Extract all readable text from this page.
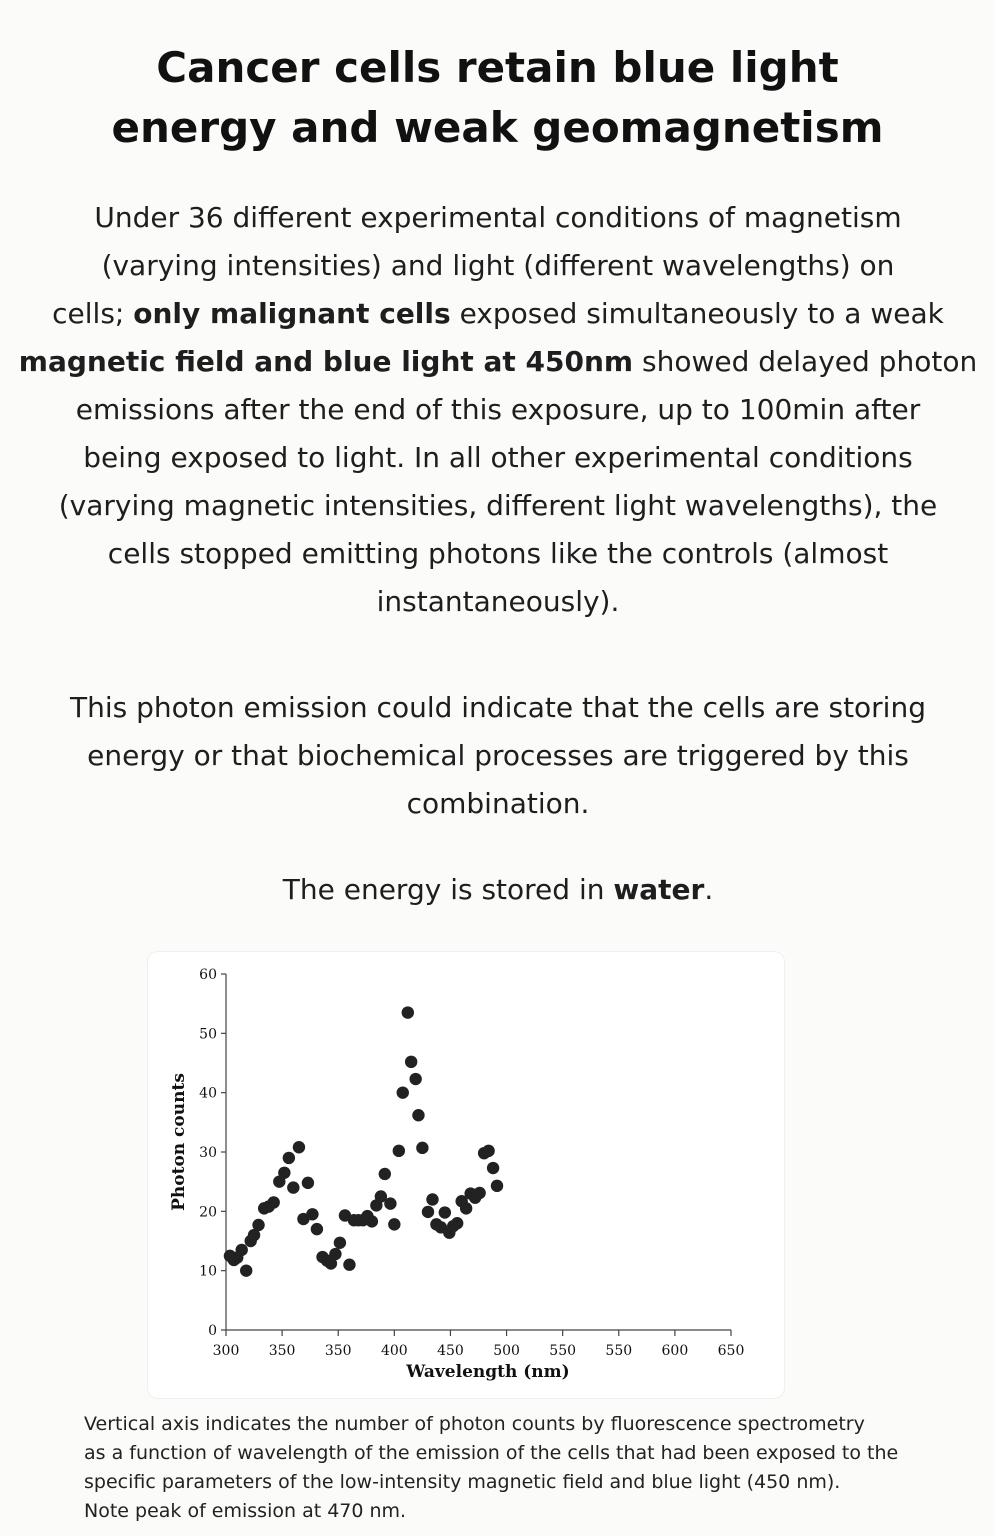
Cancer cells retain blue light
energy and weak geomagnetism

Under 36 different experimental conditions of magnetism
(varying intensities) and light (different wavelengths) on
cells; only malignant cells exposed simultaneously to a weak
magnetic field and blue light at 450nm showed delayed photon
emissions after the end of this exposure, up to 100min after
being exposed to light. In all other experimental conditions
(varying magnetic intensities, different light wavelengths), the
cells stopped emitting photons like the controls (almost
instantaneously).

This photon emission could indicate that the cells are storing
energy or that biochemical processes are triggered by this
combination.

The energy is stored in water.

0
10
20
30
40
50
60
300 350 350 400 450 500 550 550 600 650
Wavelength (nm)
Photon counts

Vertical axis indicates the number of photon counts by fluorescence spectrometry
as a function of wavelength of the emission of the cells that had been exposed to the
specific parameters of the low-intensity magnetic field and blue light (450 nm).
Note peak of emission at 470 nm.
